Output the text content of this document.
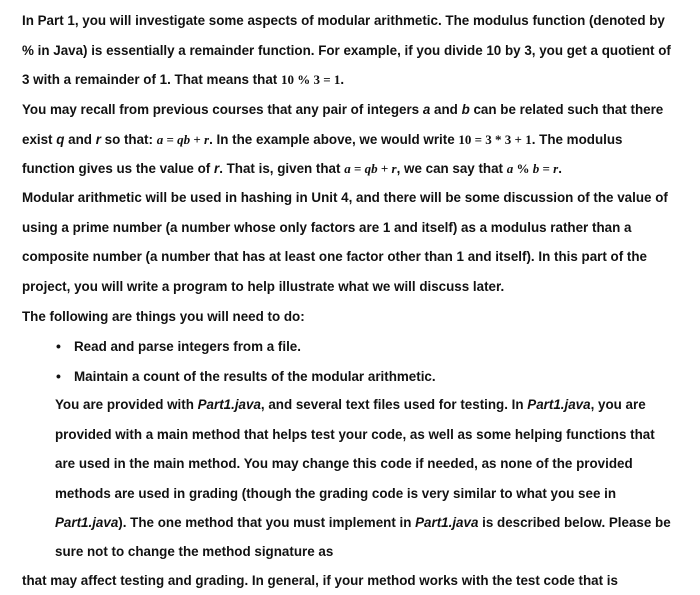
In Part 1, you will investigate some aspects of modular arithmetic. The modulus function (denoted by
% in Java) is essentially a remainder function. For example, if you divide 10 by 3, you get a quotient of
3 with a remainder of 1. That means that 10 % 3 = 1.
You may recall from previous courses that any pair of integers a and b can be related such that there
exist q and r so that: a = qb + r. In the example above, we would write 10 = 3 * 3 + 1. The modulus
function gives us the value of r. That is, given that a = qb + r, we can say that a % b = r.
Modular arithmetic will be used in hashing in Unit 4, and there will be some discussion of the value of
using a prime number (a number whose only factors are 1 and itself) as a modulus rather than a
composite number (a number that has at least one factor other than 1 and itself). In this part of the
project, you will write a program to help illustrate what we will discuss later.
The following are things you will need to do:
• Read and parse integers from a file.
• Maintain a count of the results of the modular arithmetic.
You are provided with Part1.java, and several text files used for testing. In Part1.java, you are
provided with a main method that helps test your code, as well as some helping functions that
are used in the main method. You may change this code if needed, as none of the provided
methods are used in grading (though the grading code is very similar to what you see in
Part1.java). The one method that you must implement in Part1.java is described below. Please be
sure not to change the method signature as
that may affect testing and grading. In general, if your method works with the test code that is
